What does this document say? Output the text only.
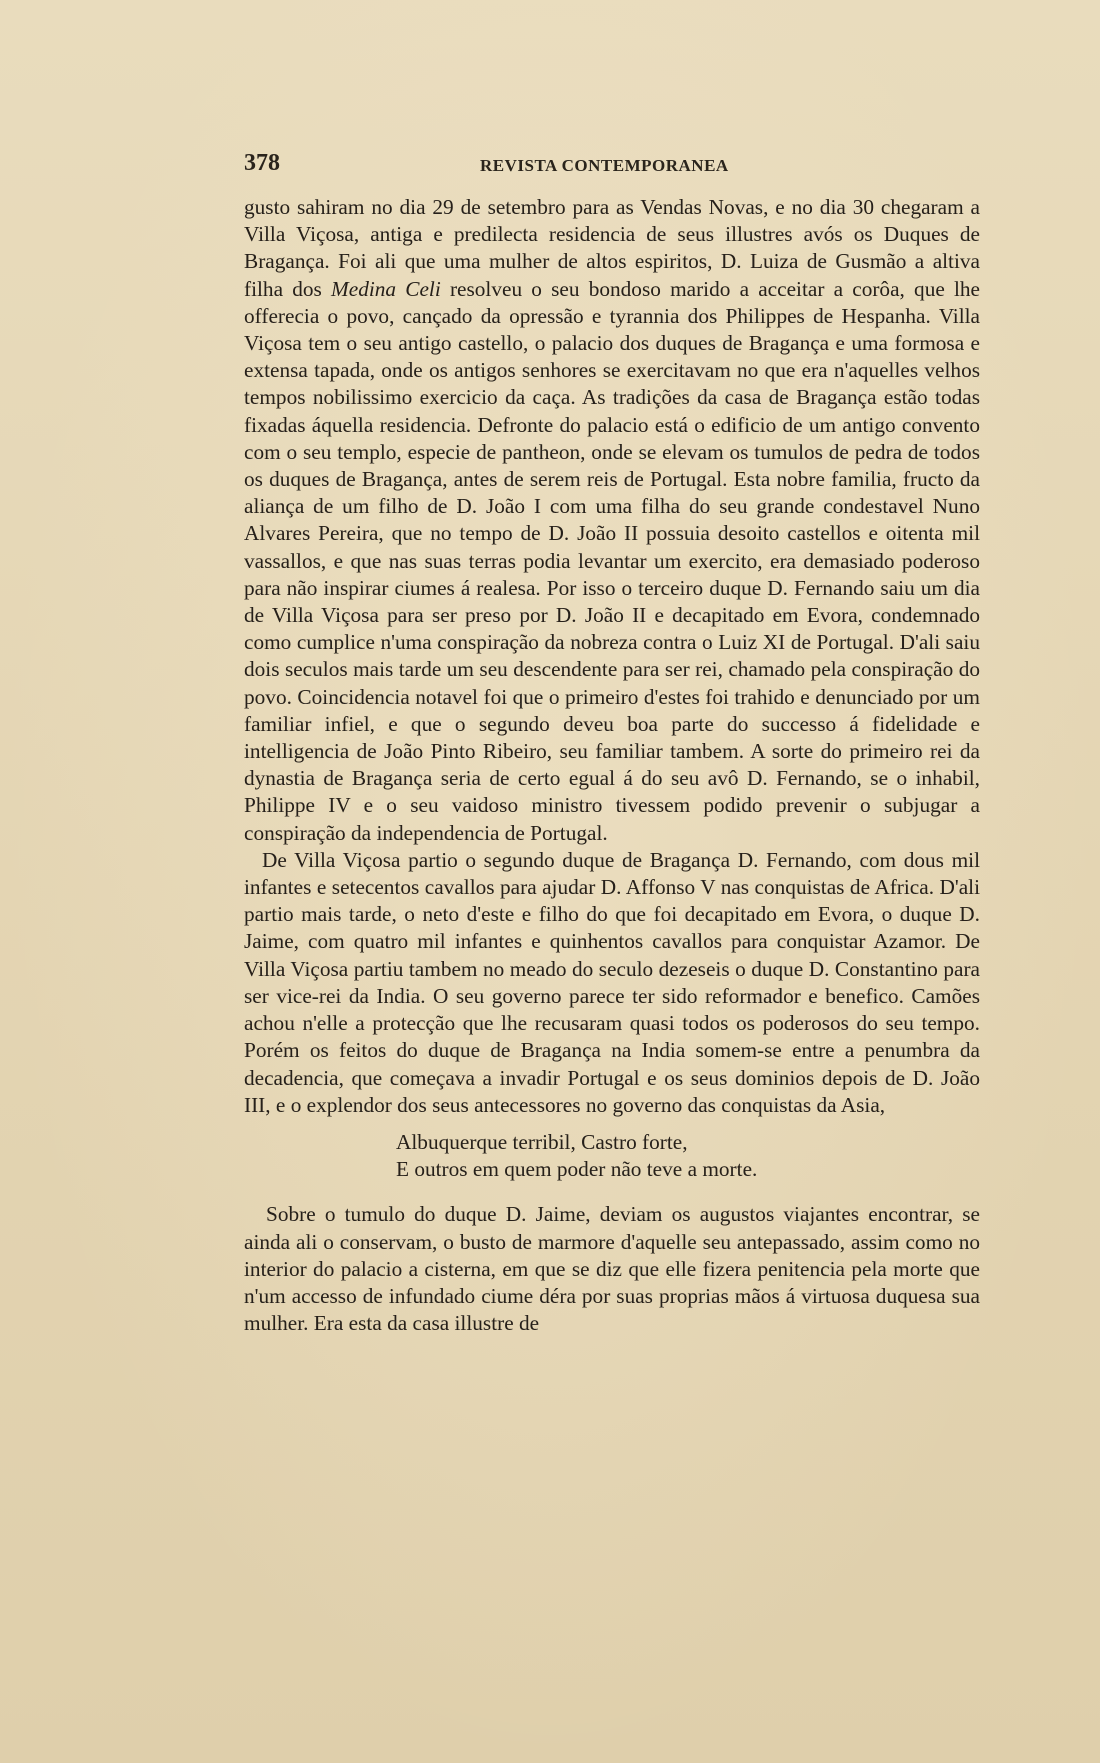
378	REVISTA CONTEMPORANEA

gusto sahiram no dia 29 de setembro para as Vendas Novas, e no dia 30 chegaram a Villa Viçosa, antiga e predilecta residencia de seus illustres avós os Duques de Bragança. Foi ali que uma mulher de altos espiritos, D. Luiza de Gusmão a altiva filha dos Medina Celi resolveu o seu bondoso marido a acceitar a corôa, que lhe offerecia o povo, cançado da opressão e tyrannia dos Philippes de Hespanha. Villa Viçosa tem o seu antigo castello, o palacio dos duques de Bragança e uma formosa e extensa tapada, onde os antigos senhores se exercitavam no que era n'aquelles velhos tempos nobilissimo exercicio da caça. As tradições da casa de Bragança estão todas fixadas áquella residencia. Defronte do palacio está o edificio de um antigo convento com o seu templo, especie de pantheon, onde se elevam os tumulos de pedra de todos os duques de Bragança, antes de serem reis de Portugal. Esta nobre familia, fructo da aliança de um filho de D. João I com uma filha do seu grande condestavel Nuno Alvares Pereira, que no tempo de D. João II possuia desoito castellos e oitenta mil vassallos, e que nas suas terras podia levantar um exercito, era demasiado poderoso para não inspirar ciumes á realesa. Por isso o terceiro duque D. Fernando saiu um dia de Villa Viçosa para ser preso por D. João II e decapitado em Evora, condemnado como cumplice n'uma conspiração da nobreza contra o Luiz XI de Portugal. D'ali saiu dois seculos mais tarde um seu descendente para ser rei, chamado pela conspiração do povo. Coincidencia notavel foi que o primeiro d'estes foi trahido e denunciado por um familiar infiel, e que o segundo deveu boa parte do successo á fidelidade e intelligencia de João Pinto Ribeiro, seu familiar tambem. A sorte do primeiro rei da dynastia de Bragança seria de certo egual á do seu avô D. Fernando, se o inhabil, Philippe IV e o seu vaidoso ministro tivessem podido prevenir o subjugar a conspiração da independencia de Portugal.

De Villa Viçosa partio o segundo duque de Bragança D. Fernando, com dous mil infantes e setecentos cavallos para ajudar D. Affonso V nas conquistas de Africa. D'ali partio mais tarde, o neto d'este e filho do que foi decapitado em Evora, o duque D. Jaime, com quatro mil infantes e quinhentos cavallos para conquistar Azamor. De Villa Viçosa partiu tambem no meado do seculo dezeseis o duque D. Constantino para ser vice-rei da India. O seu governo parece ter sido reformador e benefico. Camões achou n'elle a protecção que lhe recusaram quasi todos os poderosos do seu tempo. Porém os feitos do duque de Bragança na India somem-se entre a penumbra da decadencia, que começava a invadir Portugal e os seus dominios depois de D. João III, e o explendor dos seus antecessores no governo das conquistas da Asia,

Albuquerque terribil, Castro forte,
E outros em quem poder não teve a morte.

Sobre o tumulo do duque D. Jaime, deviam os augustos viajantes encontrar, se ainda ali o conservam, o busto de marmore d'aquelle seu antepassado, assim como no interior do palacio a cisterna, em que se diz que elle fizera penitencia pela morte que n'um accesso de infundado ciume déra por suas proprias mãos á virtuosa duquesa sua mulher. Era esta da casa illustre de
